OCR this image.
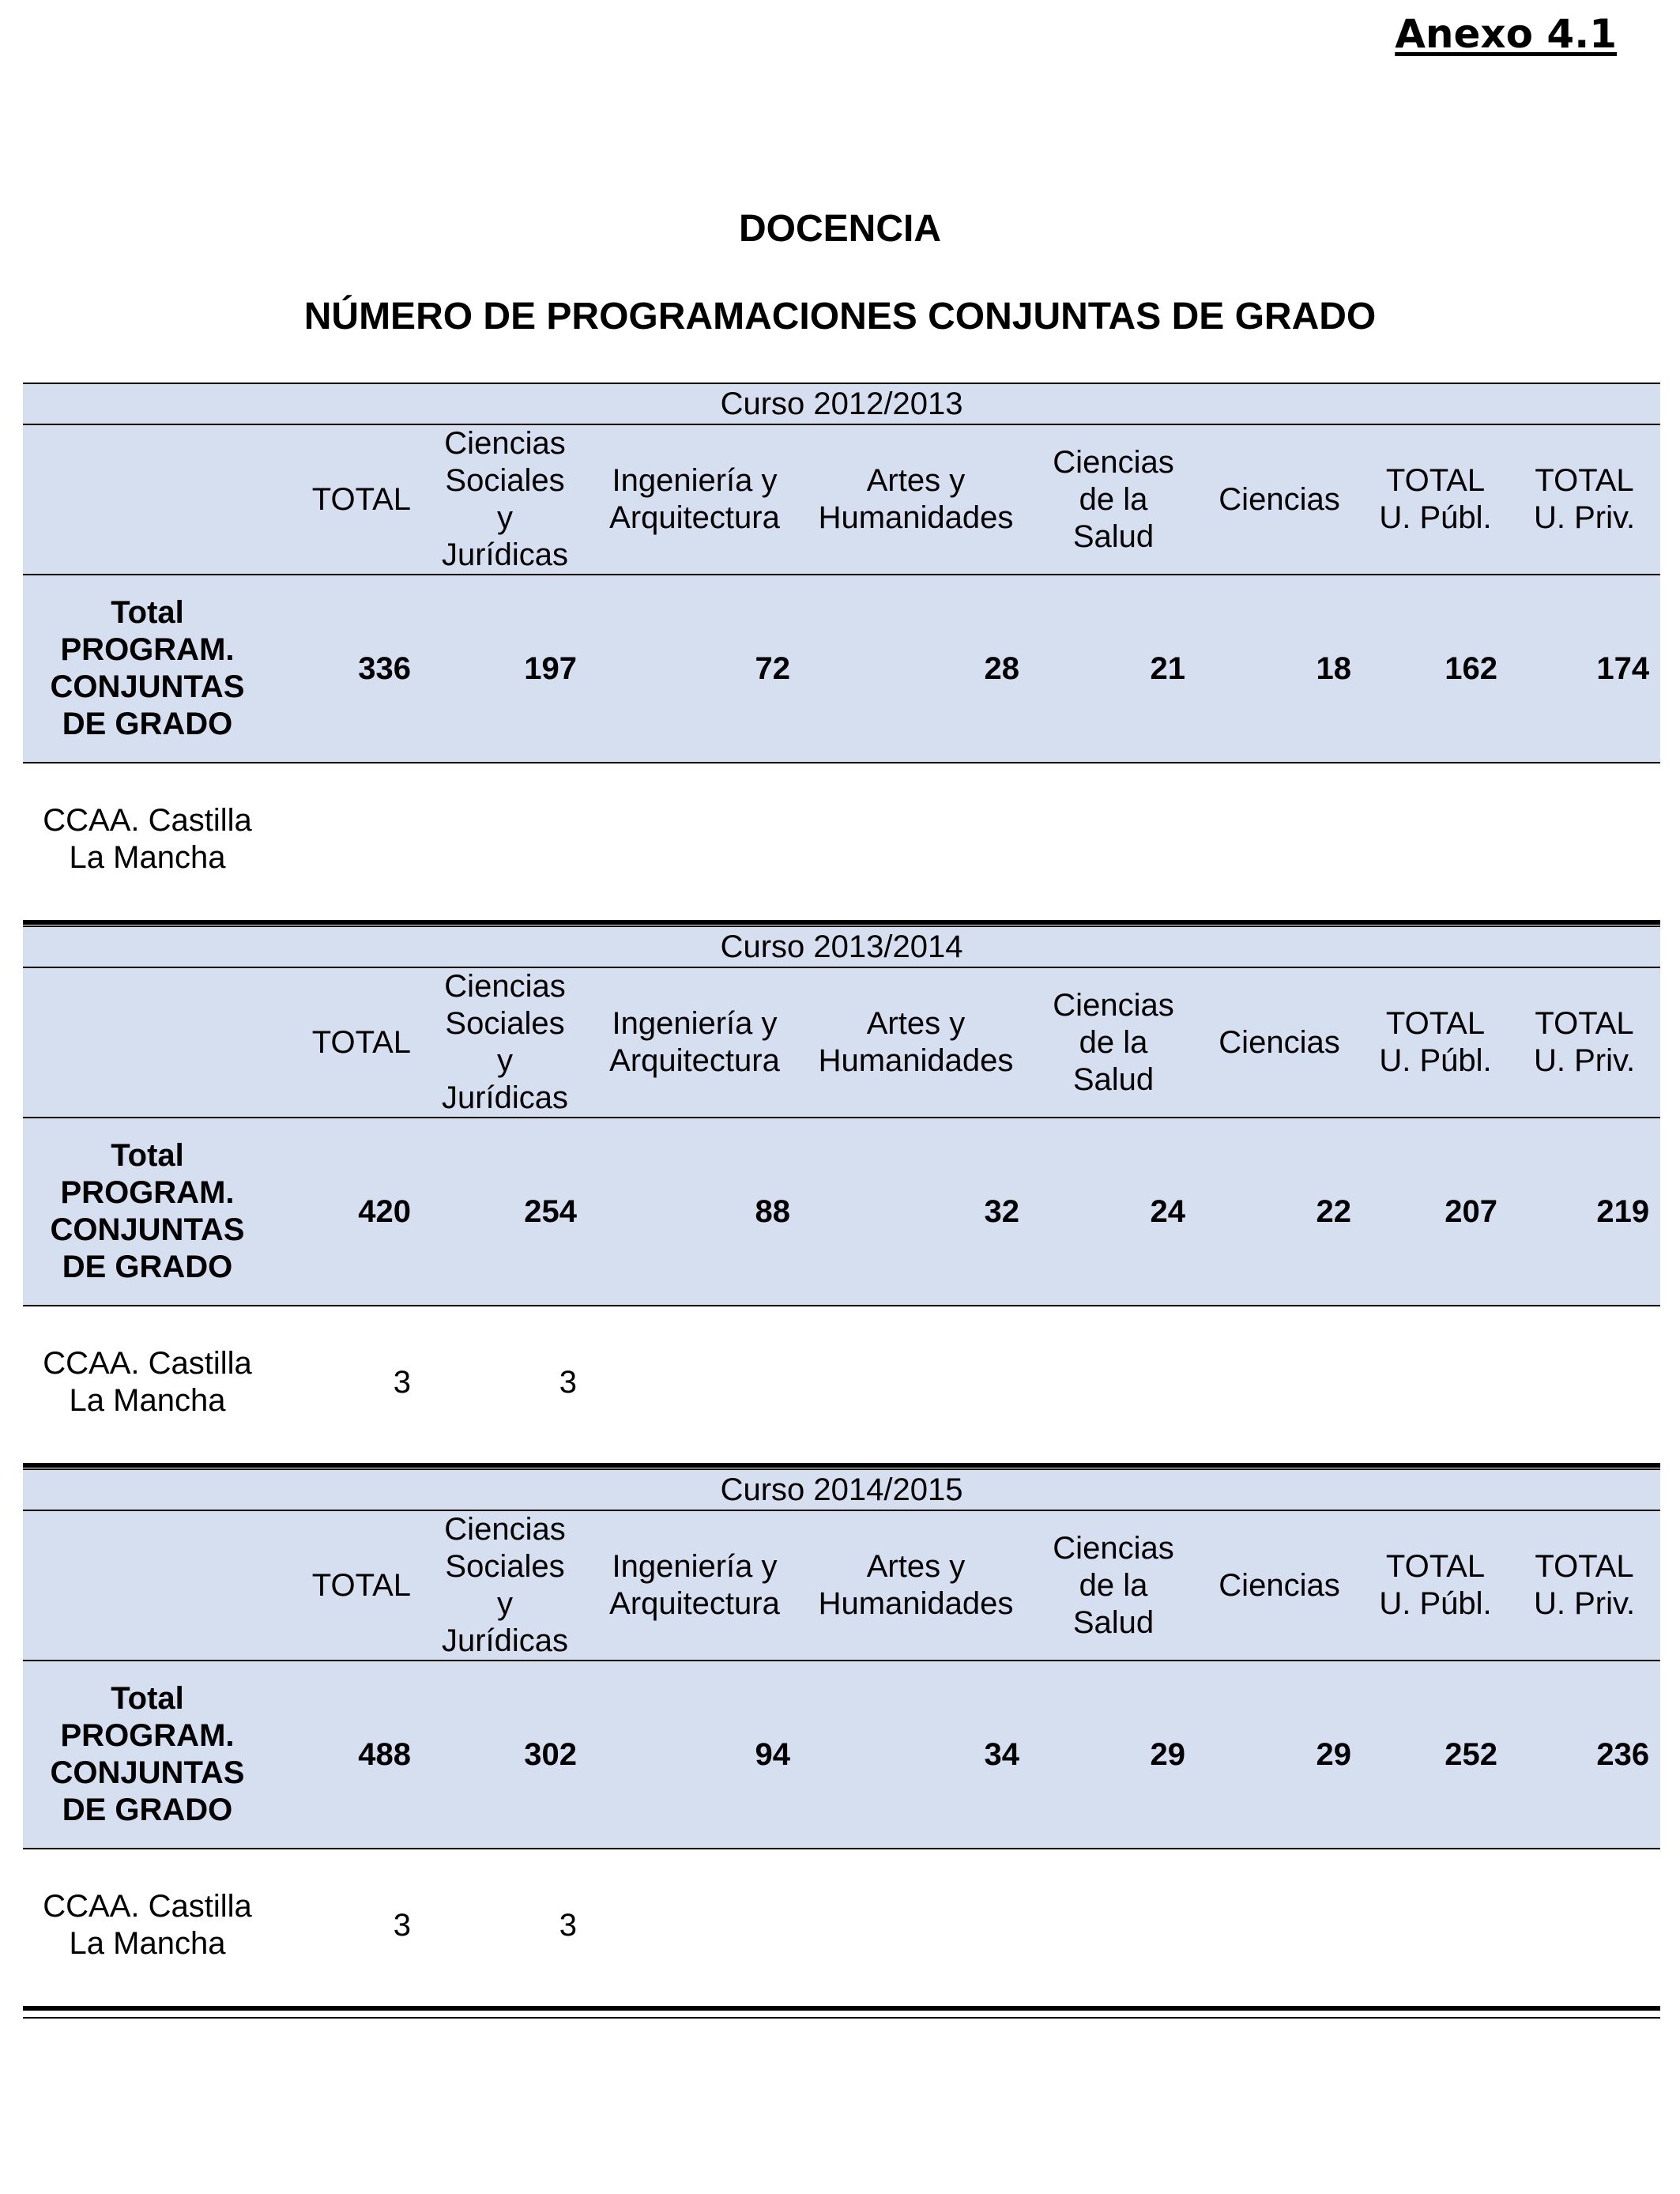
Anexo 4.1
DOCENCIA
NÚMERO DE PROGRAMACIONES CONJUNTAS DE GRADO
Curso 2012/2013								
	TOTAL	Ciencias Sociales y Jurídicas	Ingeniería y Arquitectura	Artes y Humanidades	Ciencias de la Salud	Ciencias	TOTAL U. Públ.	TOTAL U. Priv.
Total PROGRAM. CONJUNTAS DE GRADO	336	197	72	28	21	18	162	174
CCAA. Castilla La Mancha								
Curso 2013/2014								
	TOTAL	Ciencias Sociales y Jurídicas	Ingeniería y Arquitectura	Artes y Humanidades	Ciencias de la Salud	Ciencias	TOTAL U. Públ.	TOTAL U. Priv.
Total PROGRAM. CONJUNTAS DE GRADO	420	254	88	32	24	22	207	219
CCAA. Castilla La Mancha	3	3						
Curso 2014/2015								
	TOTAL	Ciencias Sociales y Jurídicas	Ingeniería y Arquitectura	Artes y Humanidades	Ciencias de la Salud	Ciencias	TOTAL U. Públ.	TOTAL U. Priv.
Total PROGRAM. CONJUNTAS DE GRADO	488	302	94	34	29	29	252	236
CCAA. Castilla La Mancha	3	3						
